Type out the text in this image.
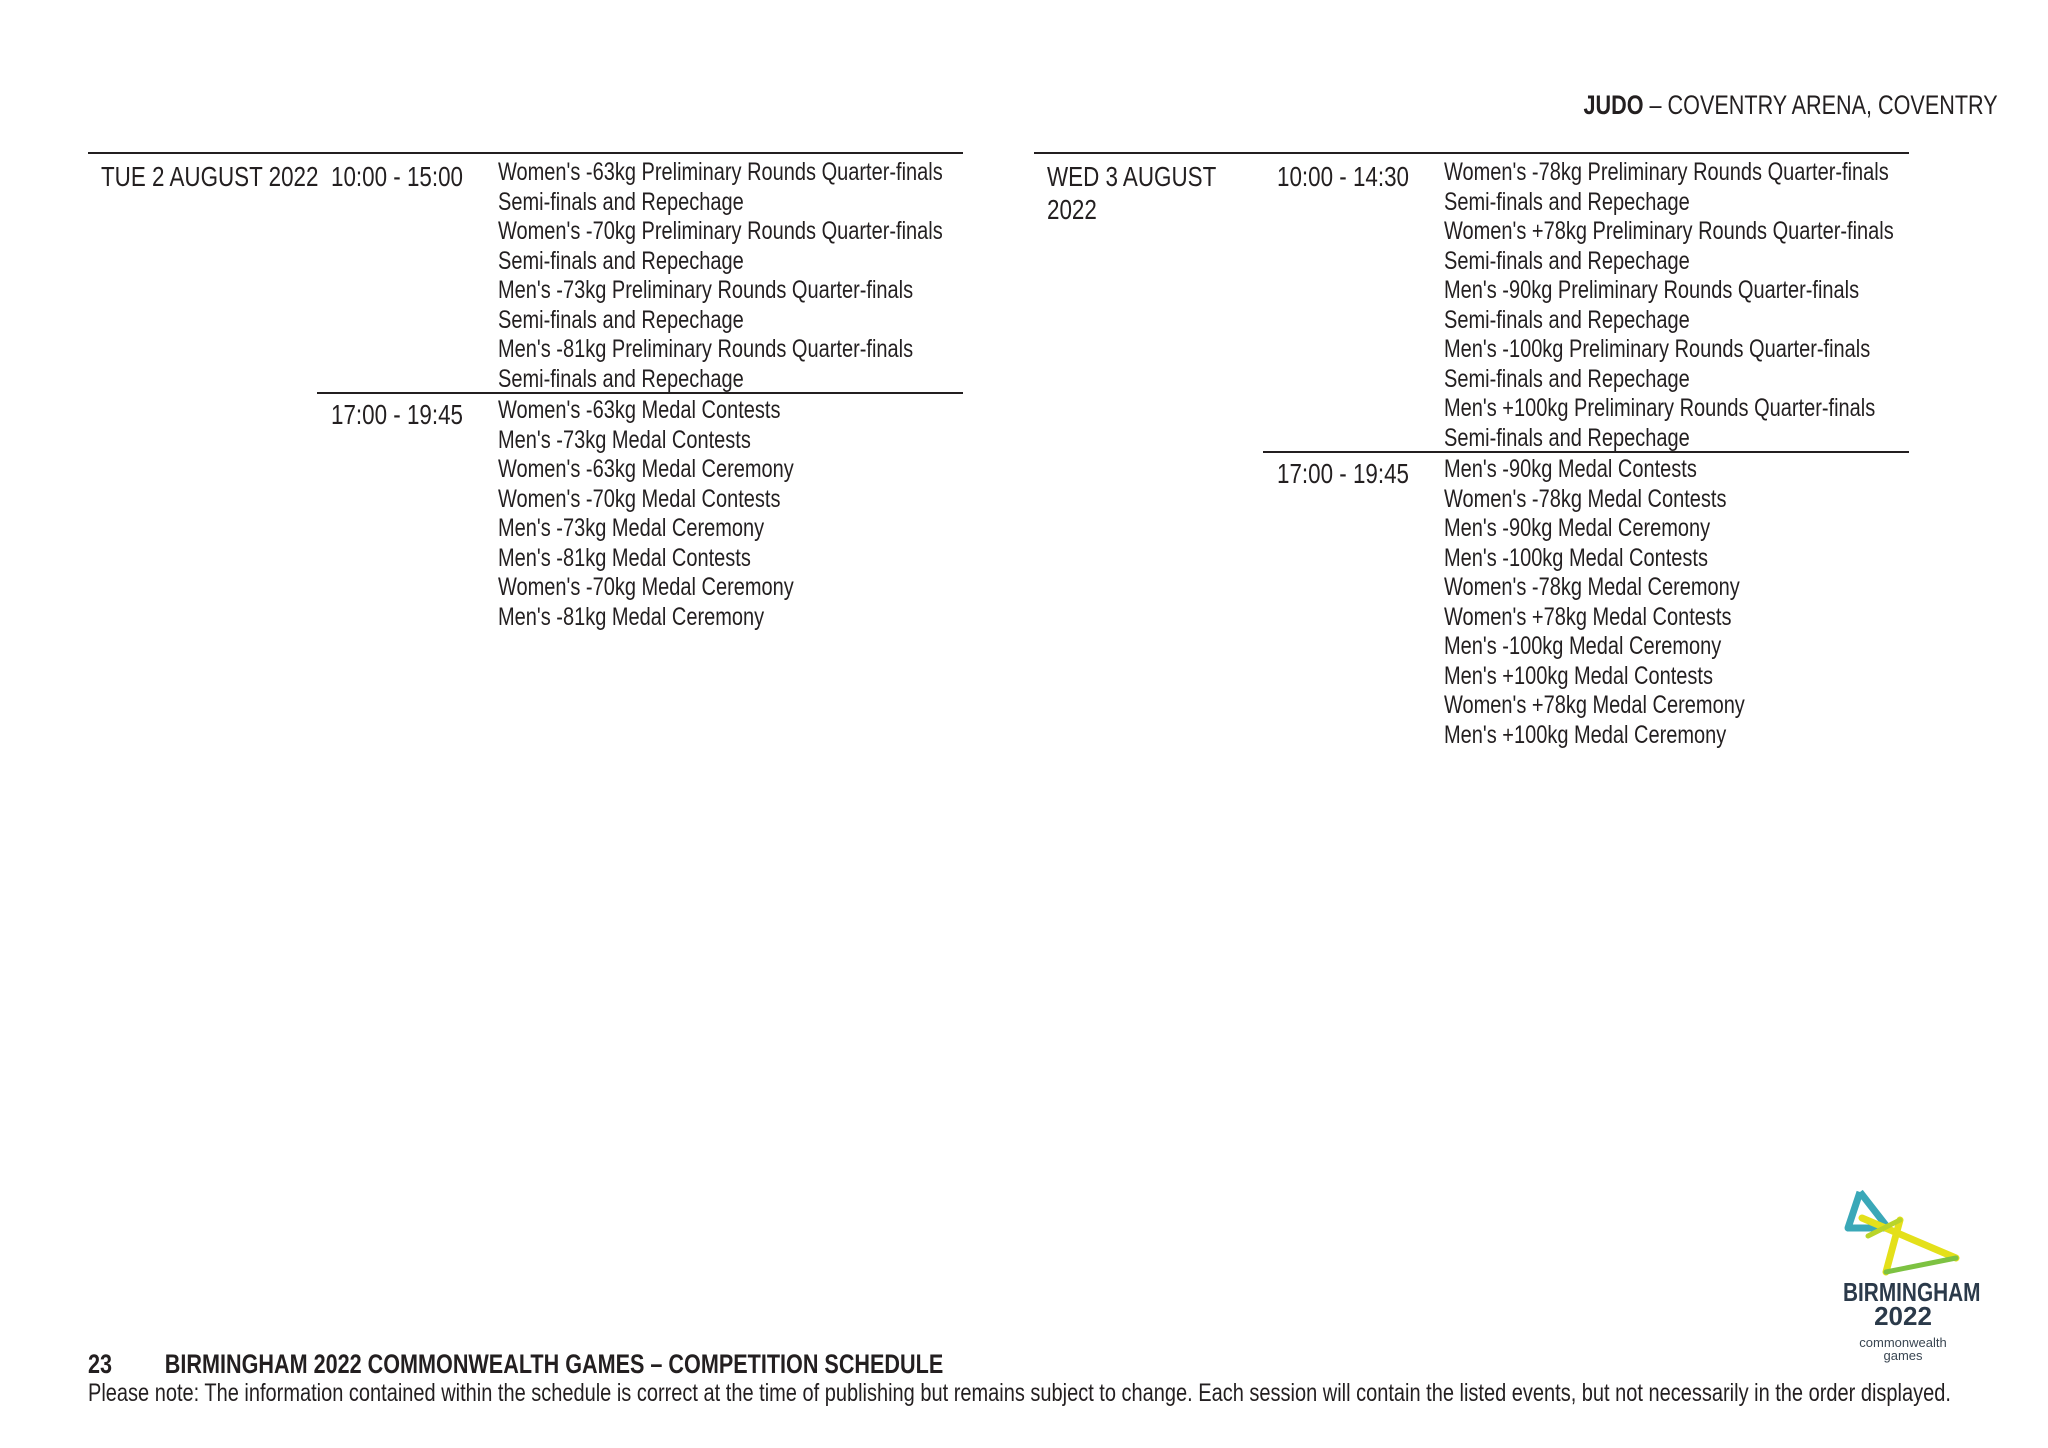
JUDO – COVENTRY ARENA, COVENTRY
TUE 2 AUGUST 2022 10:00 - 15:00 Women's -63kg Preliminary Rounds Quarter-finals
Semi-finals and Repechage
Women's -70kg Preliminary Rounds Quarter-finals
Semi-finals and Repechage
Men's -73kg Preliminary Rounds Quarter-finals
Semi-finals and Repechage
Men's -81kg Preliminary Rounds Quarter-finals
Semi-finals and Repechage
17:00 - 19:45 Women's -63kg Medal Contests
Men's -73kg Medal Contests
Women's -63kg Medal Ceremony
Women's -70kg Medal Contests
Men's -73kg Medal Ceremony
Men's -81kg Medal Contests
Women's -70kg Medal Ceremony
Men's -81kg Medal Ceremony
WED 3 AUGUST
2022
10:00 - 14:30 Women's -78kg Preliminary Rounds Quarter-finals
Semi-finals and Repechage
Women's +78kg Preliminary Rounds Quarter-finals
Semi-finals and Repechage
Men's -90kg Preliminary Rounds Quarter-finals
Semi-finals and Repechage
Men's -100kg Preliminary Rounds Quarter-finals
Semi-finals and Repechage
Men's +100kg Preliminary Rounds Quarter-finals
Semi-finals and Repechage
17:00 - 19:45 Men's -90kg Medal Contests
Women's -78kg Medal Contests
Men's -90kg Medal Ceremony
Men's -100kg Medal Contests
Women's -78kg Medal Ceremony
Women's +78kg Medal Contests
Men's -100kg Medal Ceremony
Men's +100kg Medal Contests
Women's +78kg Medal Ceremony
Men's +100kg Medal Ceremony
BIRMINGHAM
2022
commonwealth
games
23 BIRMINGHAM 2022 COMMONWEALTH GAMES – COMPETITION SCHEDULE
Please note: The information contained within the schedule is correct at the time of publishing but remains subject to change. Each session will contain the listed events, but not necessarily in the order displayed.
